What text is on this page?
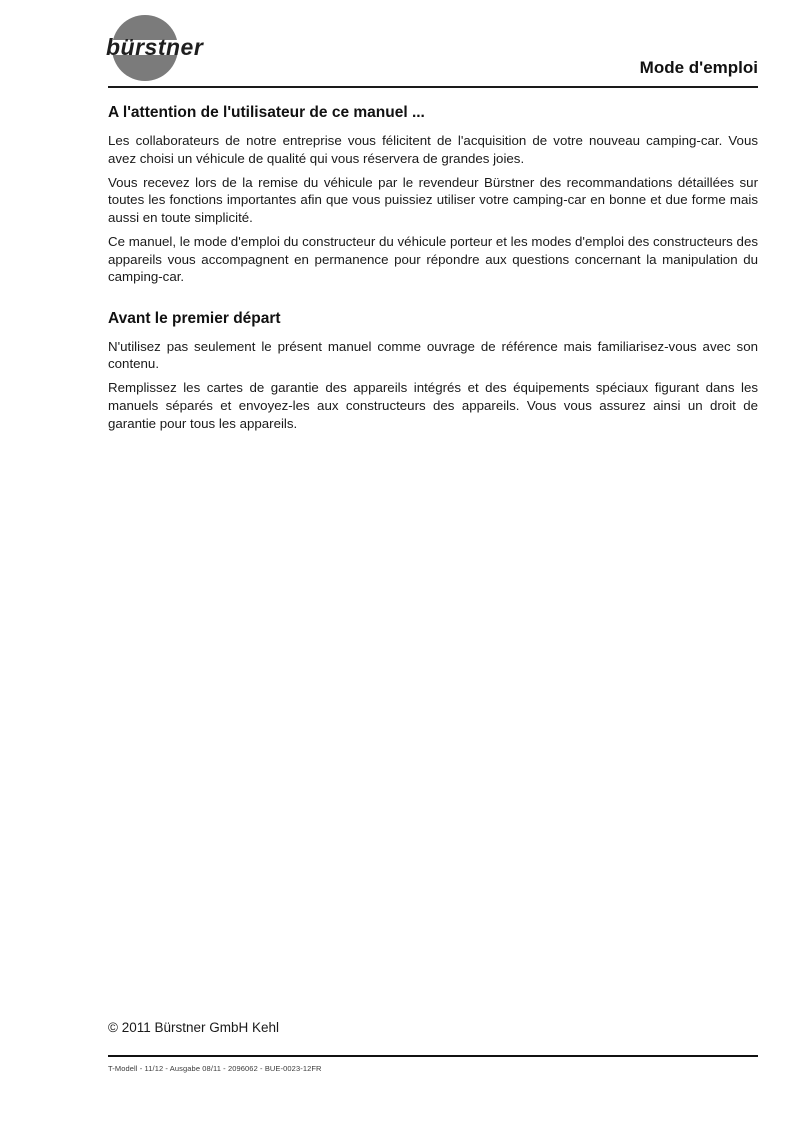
bürstner
Mode d'emploi
A l'attention de l'utilisateur de ce manuel ...

Les collaborateurs de notre entreprise vous félicitent de l'acquisition de votre nouveau camping-car. Vous avez choisi un véhicule de qualité qui vous réservera de grandes joies.

Vous recevez lors de la remise du véhicule par le revendeur Bürstner des recommandations détaillées sur toutes les fonctions importantes afin que vous puissiez utiliser votre camping-car en bonne et due forme mais aussi en toute simplicité.

Ce manuel, le mode d'emploi du constructeur du véhicule porteur et les modes d'emploi des constructeurs des appareils vous accompagnent en permanence pour répondre aux questions concernant la manipulation du camping-car.

Avant le premier départ

N'utilisez pas seulement le présent manuel comme ouvrage de référence mais familiarisez-vous avec son contenu.

Remplissez les cartes de garantie des appareils intégrés et des équipements spéciaux figurant dans les manuels séparés et envoyez-les aux constructeurs des appareils. Vous vous assurez ainsi un droit de garantie pour tous les appareils.

© 2011 Bürstner GmbH Kehl
T-Modell - 11/12 - Ausgabe 08/11 - 2096062 - BUE-0023-12FR
